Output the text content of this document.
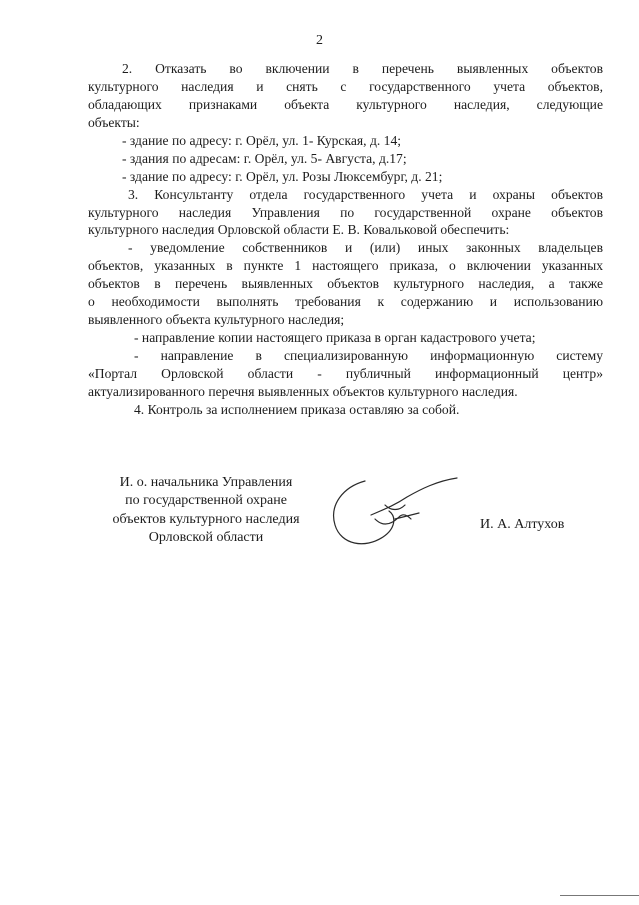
2

2. Отказать во включении в перечень выявленных объектов

культурного наследия и снять с государственного учета объектов,

обладающих признаками объекта культурного наследия, следующие

объекты:

- здание по адресу: г. Орёл, ул. 1- Курская, д. 14;

- здания по адресам: г. Орёл, ул. 5- Августа, д.17;

- здание по адресу: г. Орёл, ул. Розы Люксембург, д. 21;

3. Консультанту отдела государственного учета и охраны объектов

культурного наследия Управления по государственной охране объектов

культурного наследия Орловской области Е. В. Ковальковой обеспечить:

- уведомление собственников и (или) иных законных владельцев

объектов, указанных в пункте 1 настоящего приказа, о включении указанных

объектов в перечень выявленных объектов культурного наследия, а также

о необходимости выполнять требования к содержанию и использованию

выявленного объекта культурного наследия;

- направление копии настоящего приказа в орган кадастрового учета;

- направление в специализированную информационную систему

«Портал Орловской области - публичный информационный центр»

актуализированного перечня выявленных объектов культурного наследия.

4. Контроль за исполнением приказа оставляю за собой.

И. о. начальника Управления
по государственной охране
объектов культурного наследия
Орловской области
И. А. Алтухов
